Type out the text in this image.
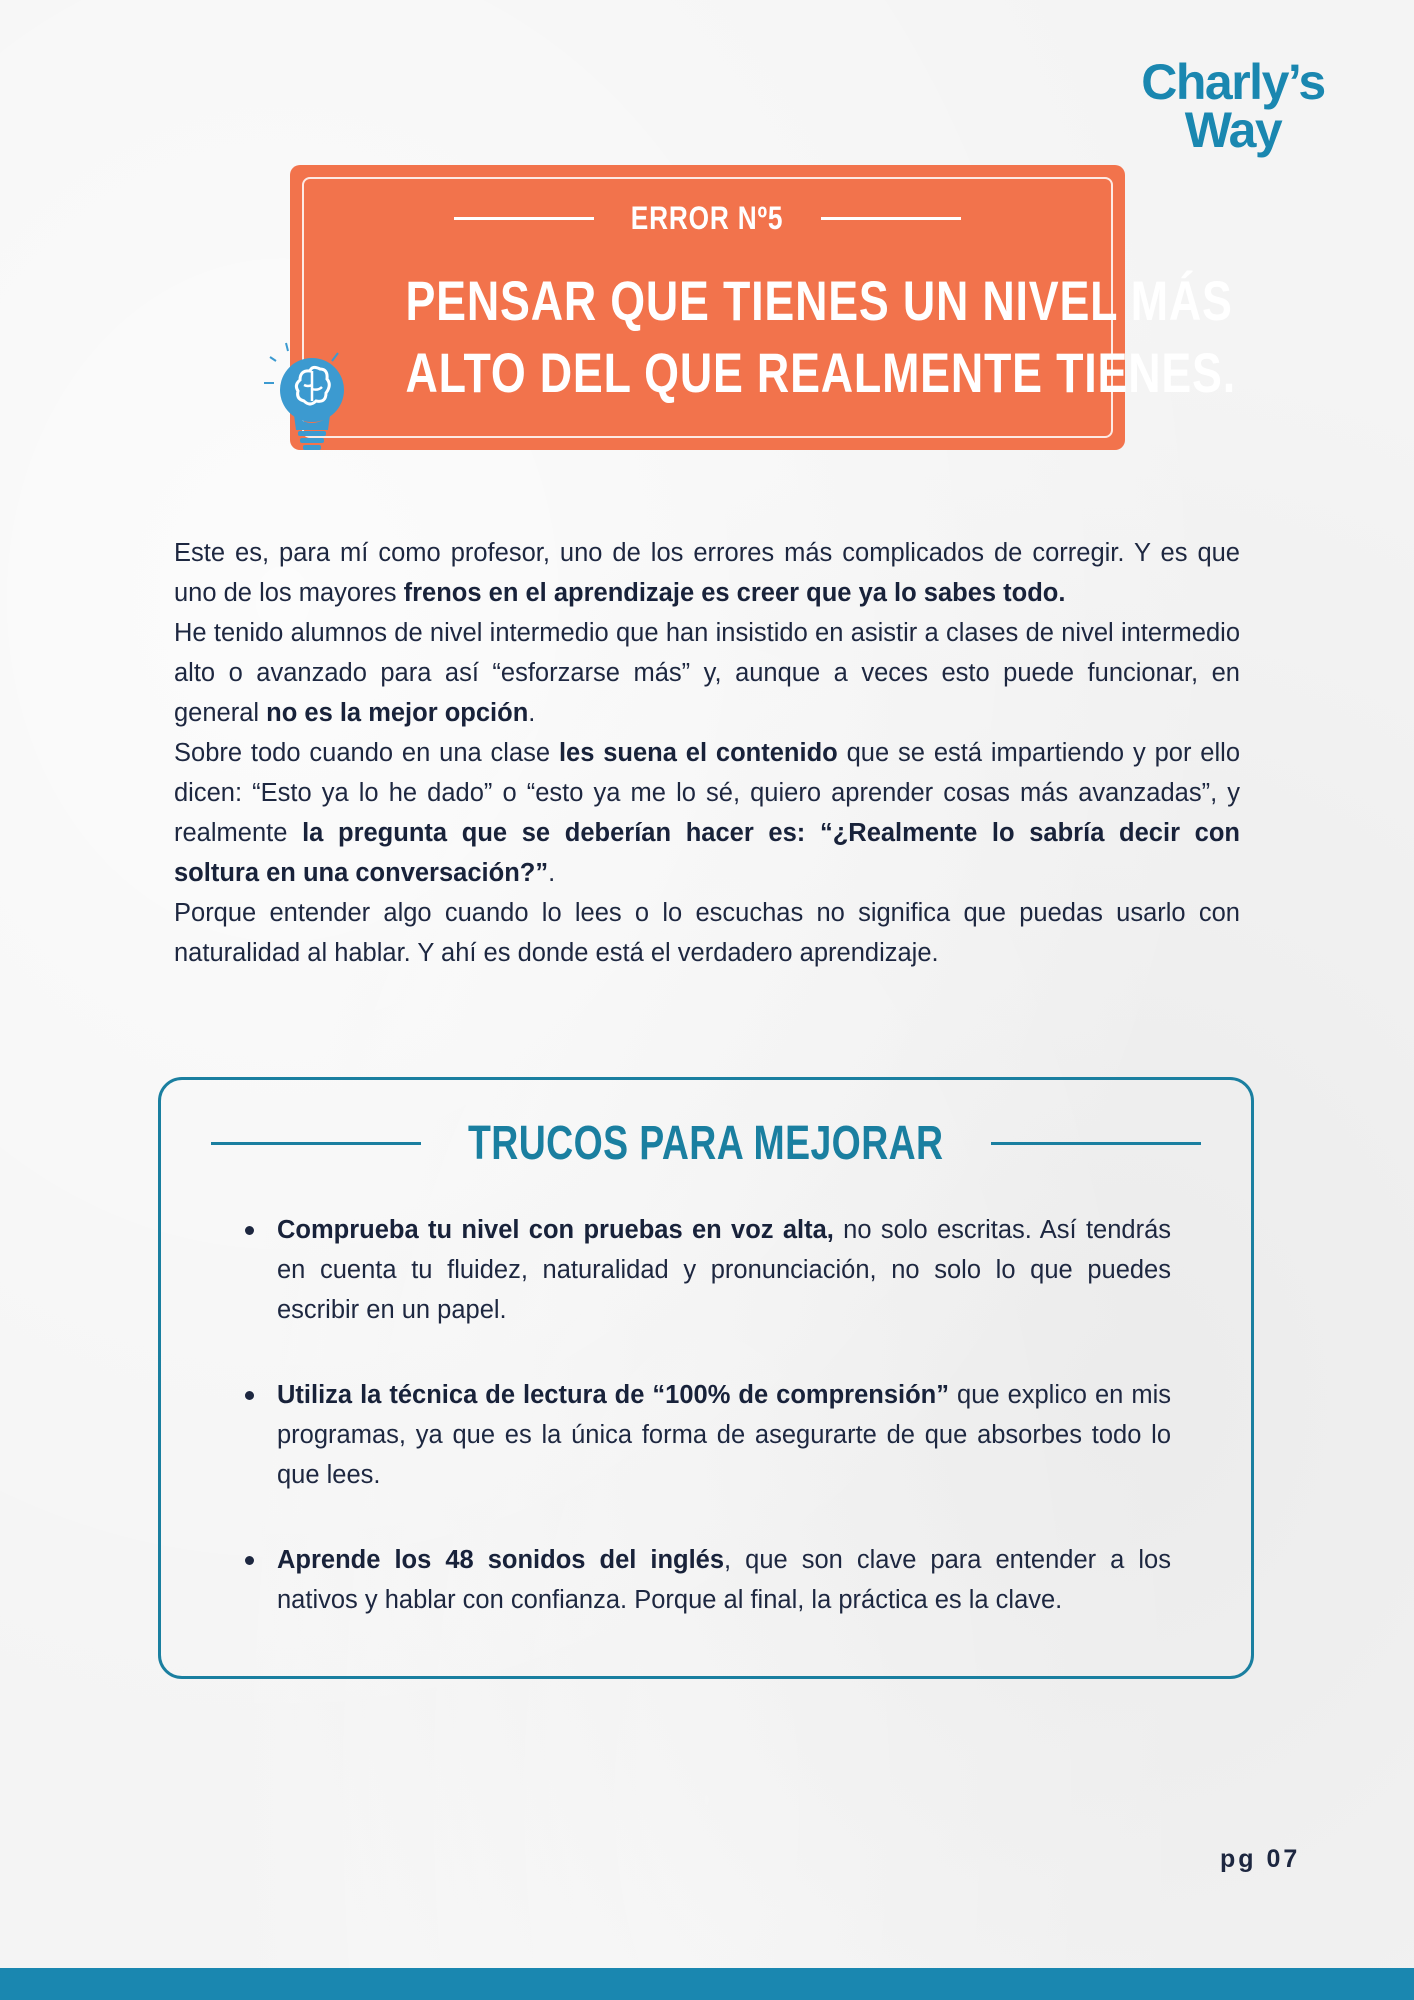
Charly’s
Way
ERROR Nº5
PENSAR QUE TIENES UN NIVEL MÁS
ALTO DEL QUE REALMENTE TIENES.

Este es, para mí como profesor, uno de los errores más complicados de corregir. Y es que uno de los mayores frenos en el aprendizaje es creer que ya lo sabes todo.

He tenido alumnos de nivel intermedio que han insistido en asistir a clases de nivel intermedio alto o avanzado para así “esforzarse más” y, aunque a veces esto puede funcionar, en general no es la mejor opción.

Sobre todo cuando en una clase les suena el contenido que se está impartiendo y por ello dicen: “Esto ya lo he dado” o “esto ya me lo sé, quiero aprender cosas más avanzadas”, y realmente la pregunta que se deberían hacer es: “¿Realmente lo sabría decir con soltura en una conversación?”.

Porque entender algo cuando lo lees o lo escuchas no significa que puedas usarlo con naturalidad al hablar. Y ahí es donde está el verdadero aprendizaje.

TRUCOS PARA MEJORAR
Comprueba tu nivel con pruebas en voz alta, no solo escritas. Así tendrás en cuenta tu fluidez, naturalidad y pronunciación, no solo lo que puedes escribir en un papel.
Utiliza la técnica de lectura de “100% de comprensión” que explico en mis programas, ya que es la única forma de asegurarte de que absorbes todo lo que lees.
Aprende los 48 sonidos del inglés, que son clave para entender a los nativos y hablar con confianza. Porque al final, la práctica es la clave.
pg 07
